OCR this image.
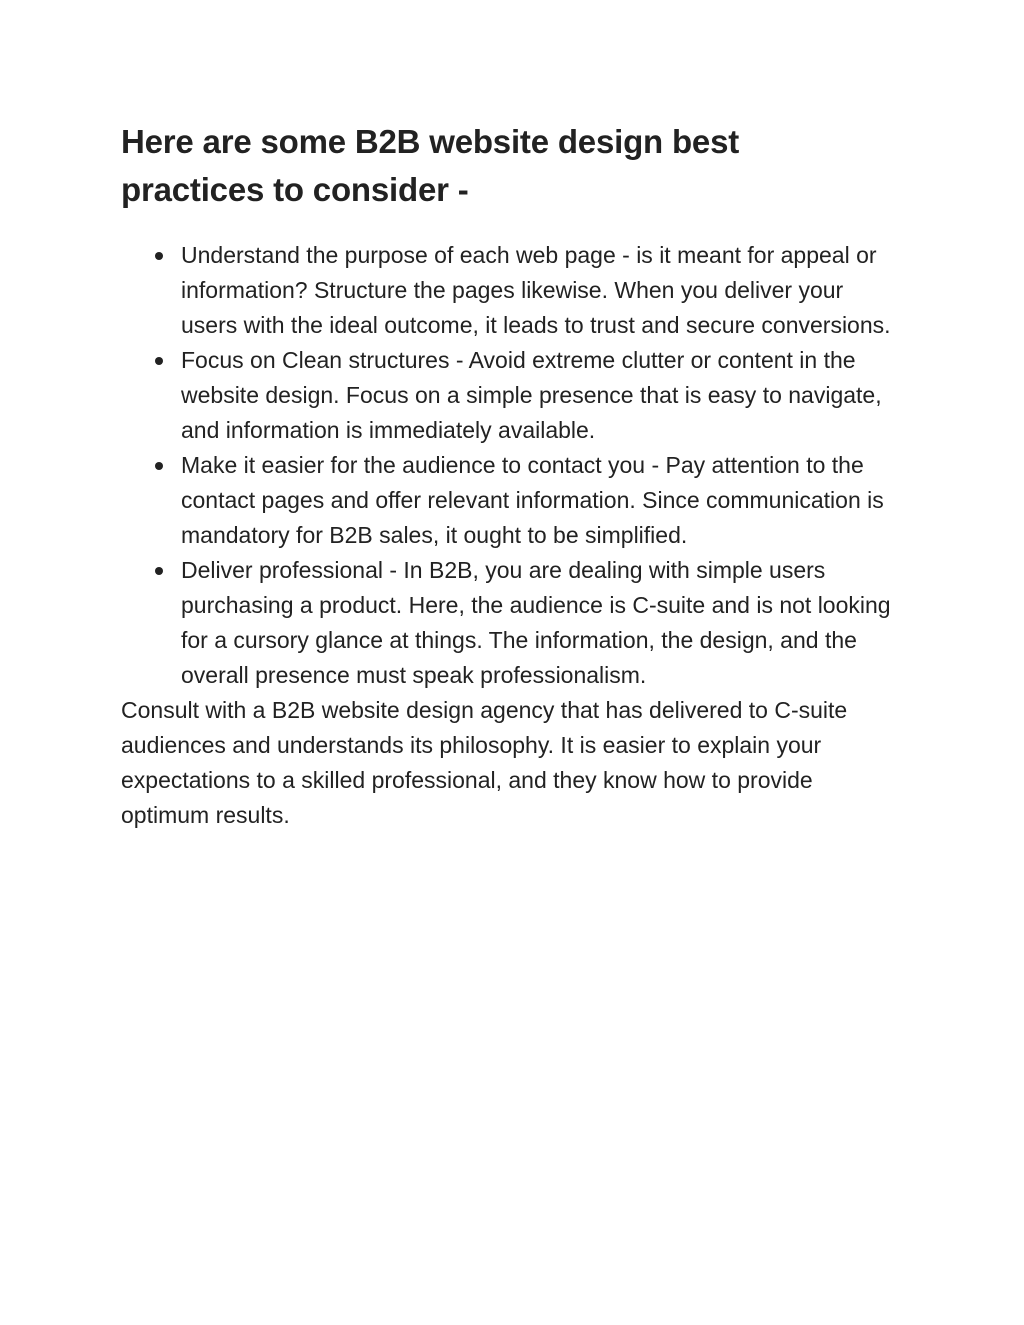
Here are some B2B website design best practices to consider -
Understand the purpose of each web page - is it meant for appeal or information? Structure the pages likewise. When you deliver your users with the ideal outcome, it leads to trust and secure conversions.
Focus on Clean structures - Avoid extreme clutter or content in the website design. Focus on a simple presence that is easy to navigate, and information is immediately available.
Make it easier for the audience to contact you - Pay attention to the contact pages and offer relevant information. Since communication is mandatory for B2B sales, it ought to be simplified.
Deliver professional - In B2B, you are dealing with simple users purchasing a product. Here, the audience is C-suite and is not looking for a cursory glance at things. The information, the design, and the overall presence must speak professionalism.

Consult with a B2B website design agency that has delivered to C-suite audiences and understands its philosophy. It is easier to explain your expectations to a skilled professional, and they know how to provide optimum results.
